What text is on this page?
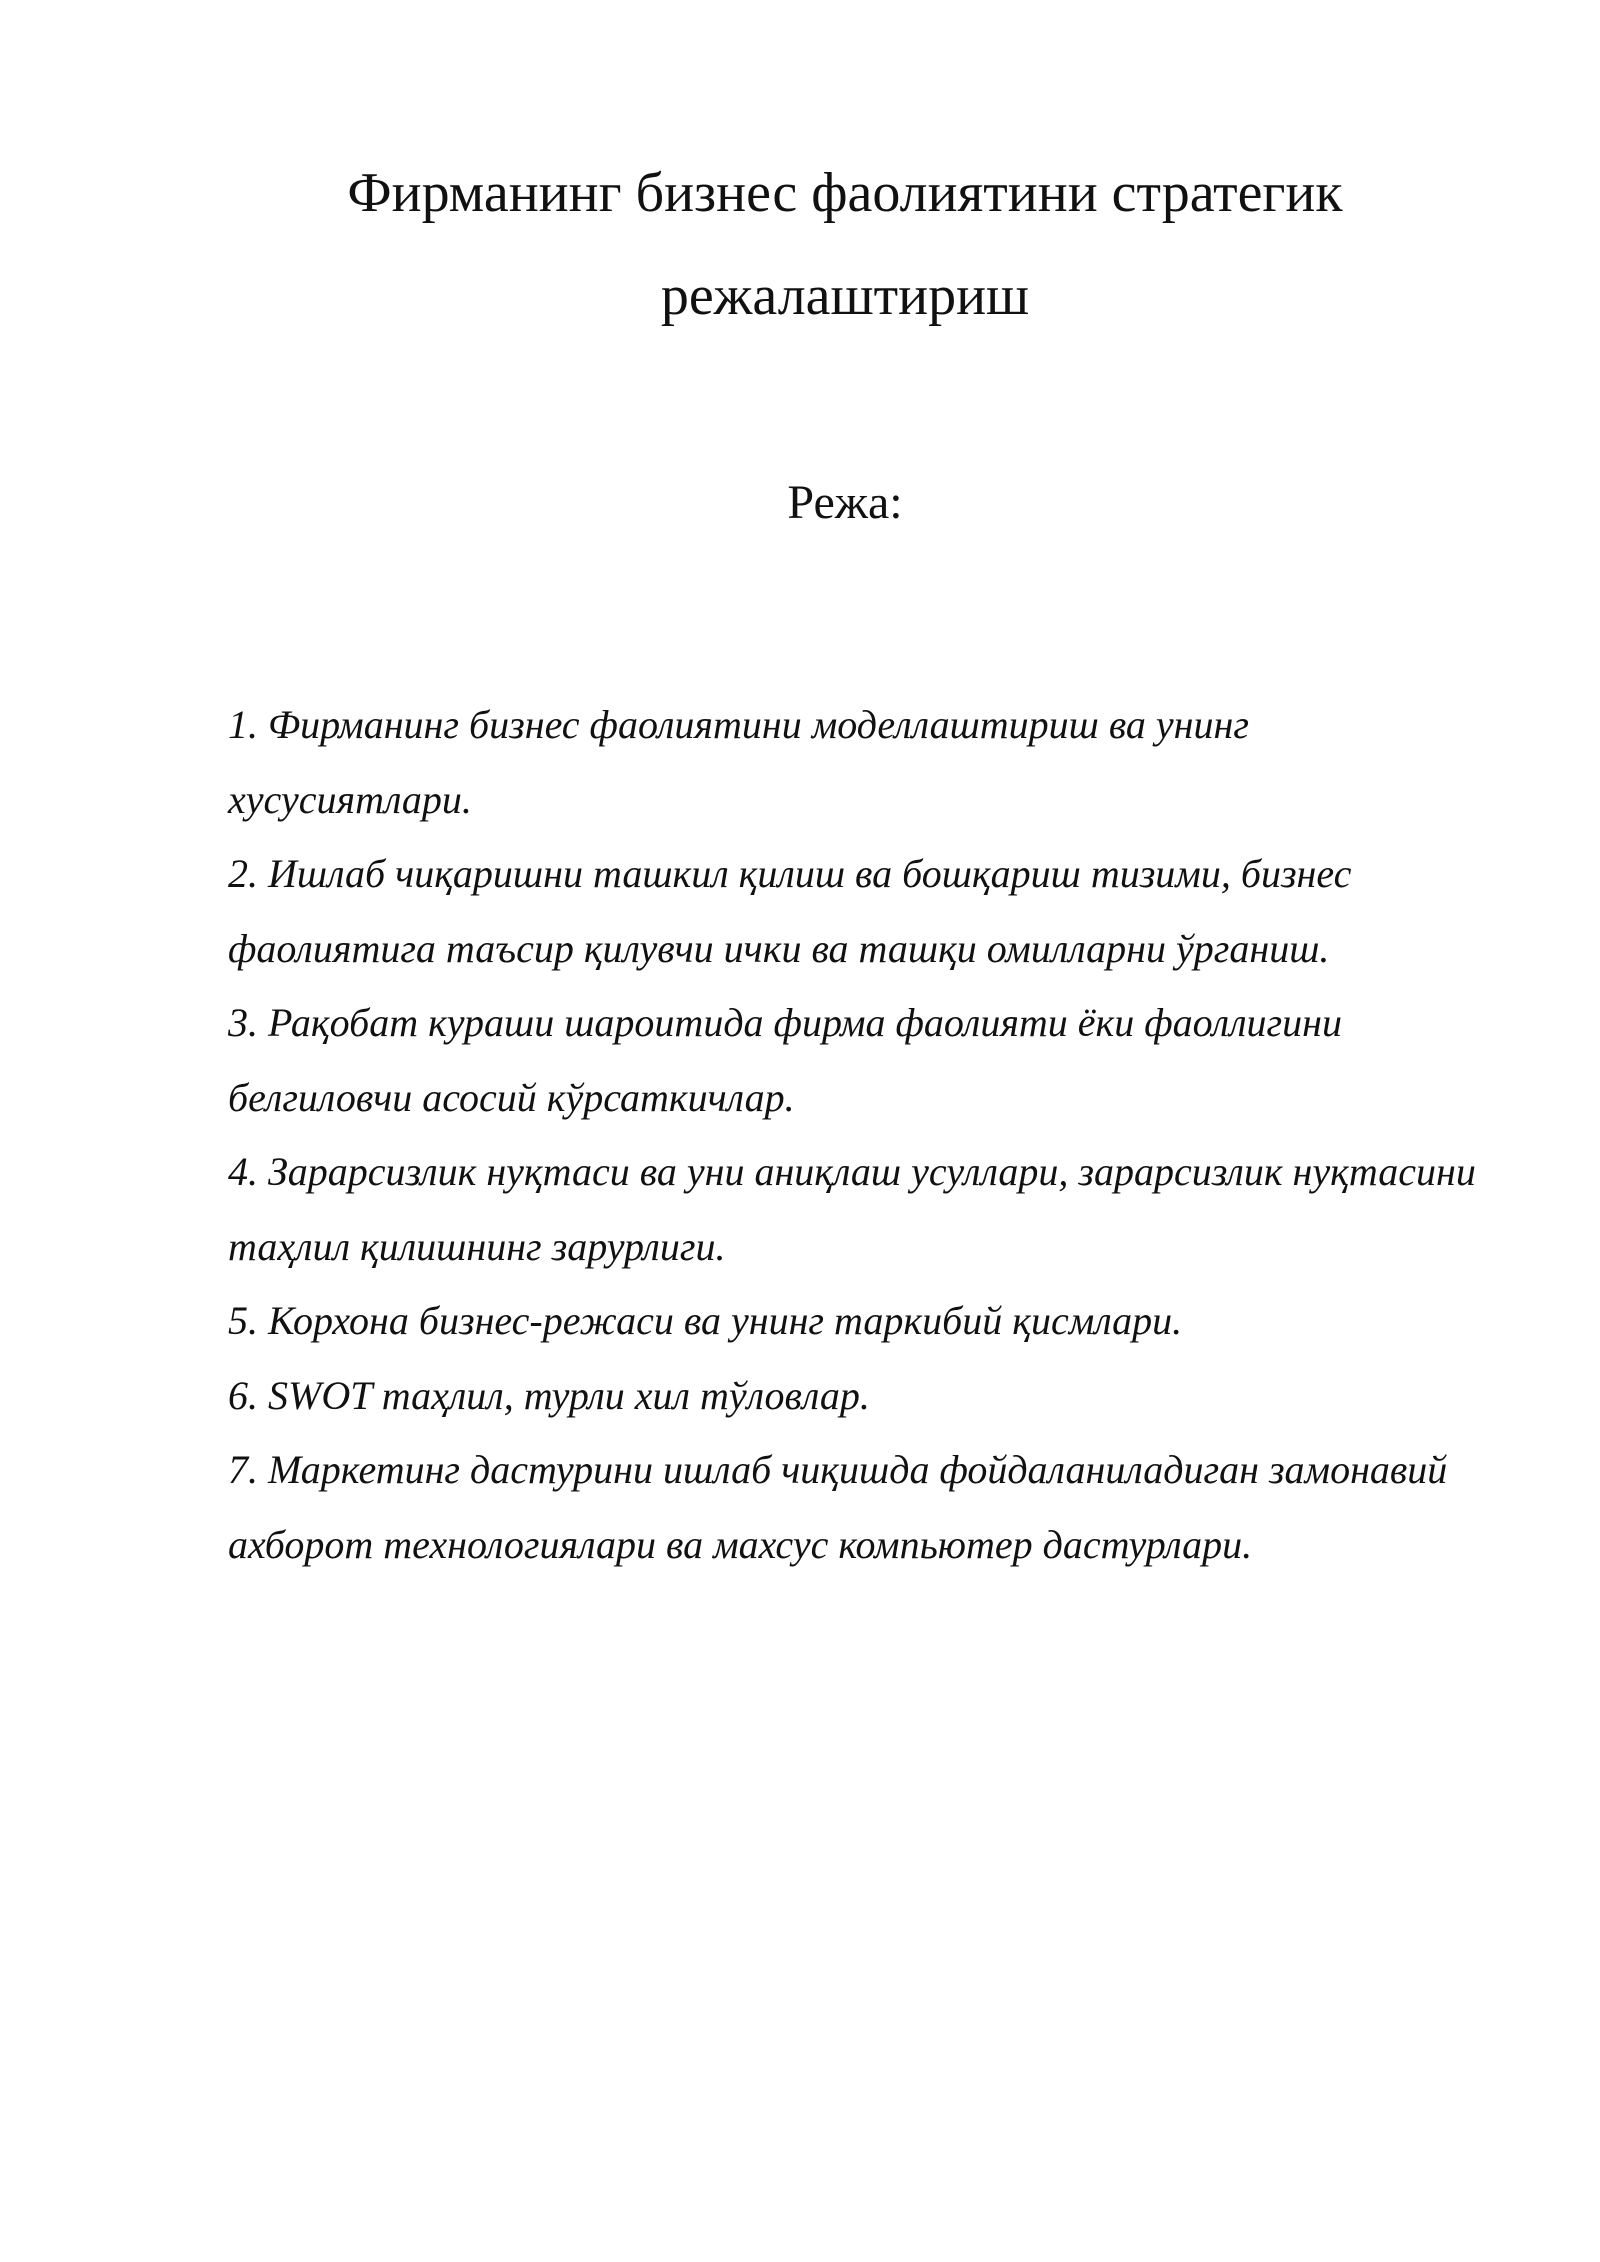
Фирманинг бизнес фаолиятини стратегик
режалаштириш
Режа:
1. Фирманинг бизнес фаолиятини моделлаштириш ва унинг хусусиятлари.
2. Ишлаб чиқаришни ташкил қилиш ва бошқариш тизими, бизнес фаолиятига таъсир қилувчи ички ва ташқи омилларни ўрганиш.
3. Рақобат кураши шароитида фирма фаолияти ёки фаоллигини белгиловчи асосий кўрсаткичлар.
4. Зарарсизлик нуқтаси ва уни аниқлаш усуллари, зарарсизлик нуқтасини таҳлил қилишнинг зарурлиги.
5. Корхона бизнес-режаси ва унинг таркибий қисмлари.
6. SWOT таҳлил, турли хил тўловлар.
7. Маркетинг дастурини ишлаб чиқишда фойдаланиладиган замонавий ахборот технологиялари ва махсус компьютер дастурлари.
